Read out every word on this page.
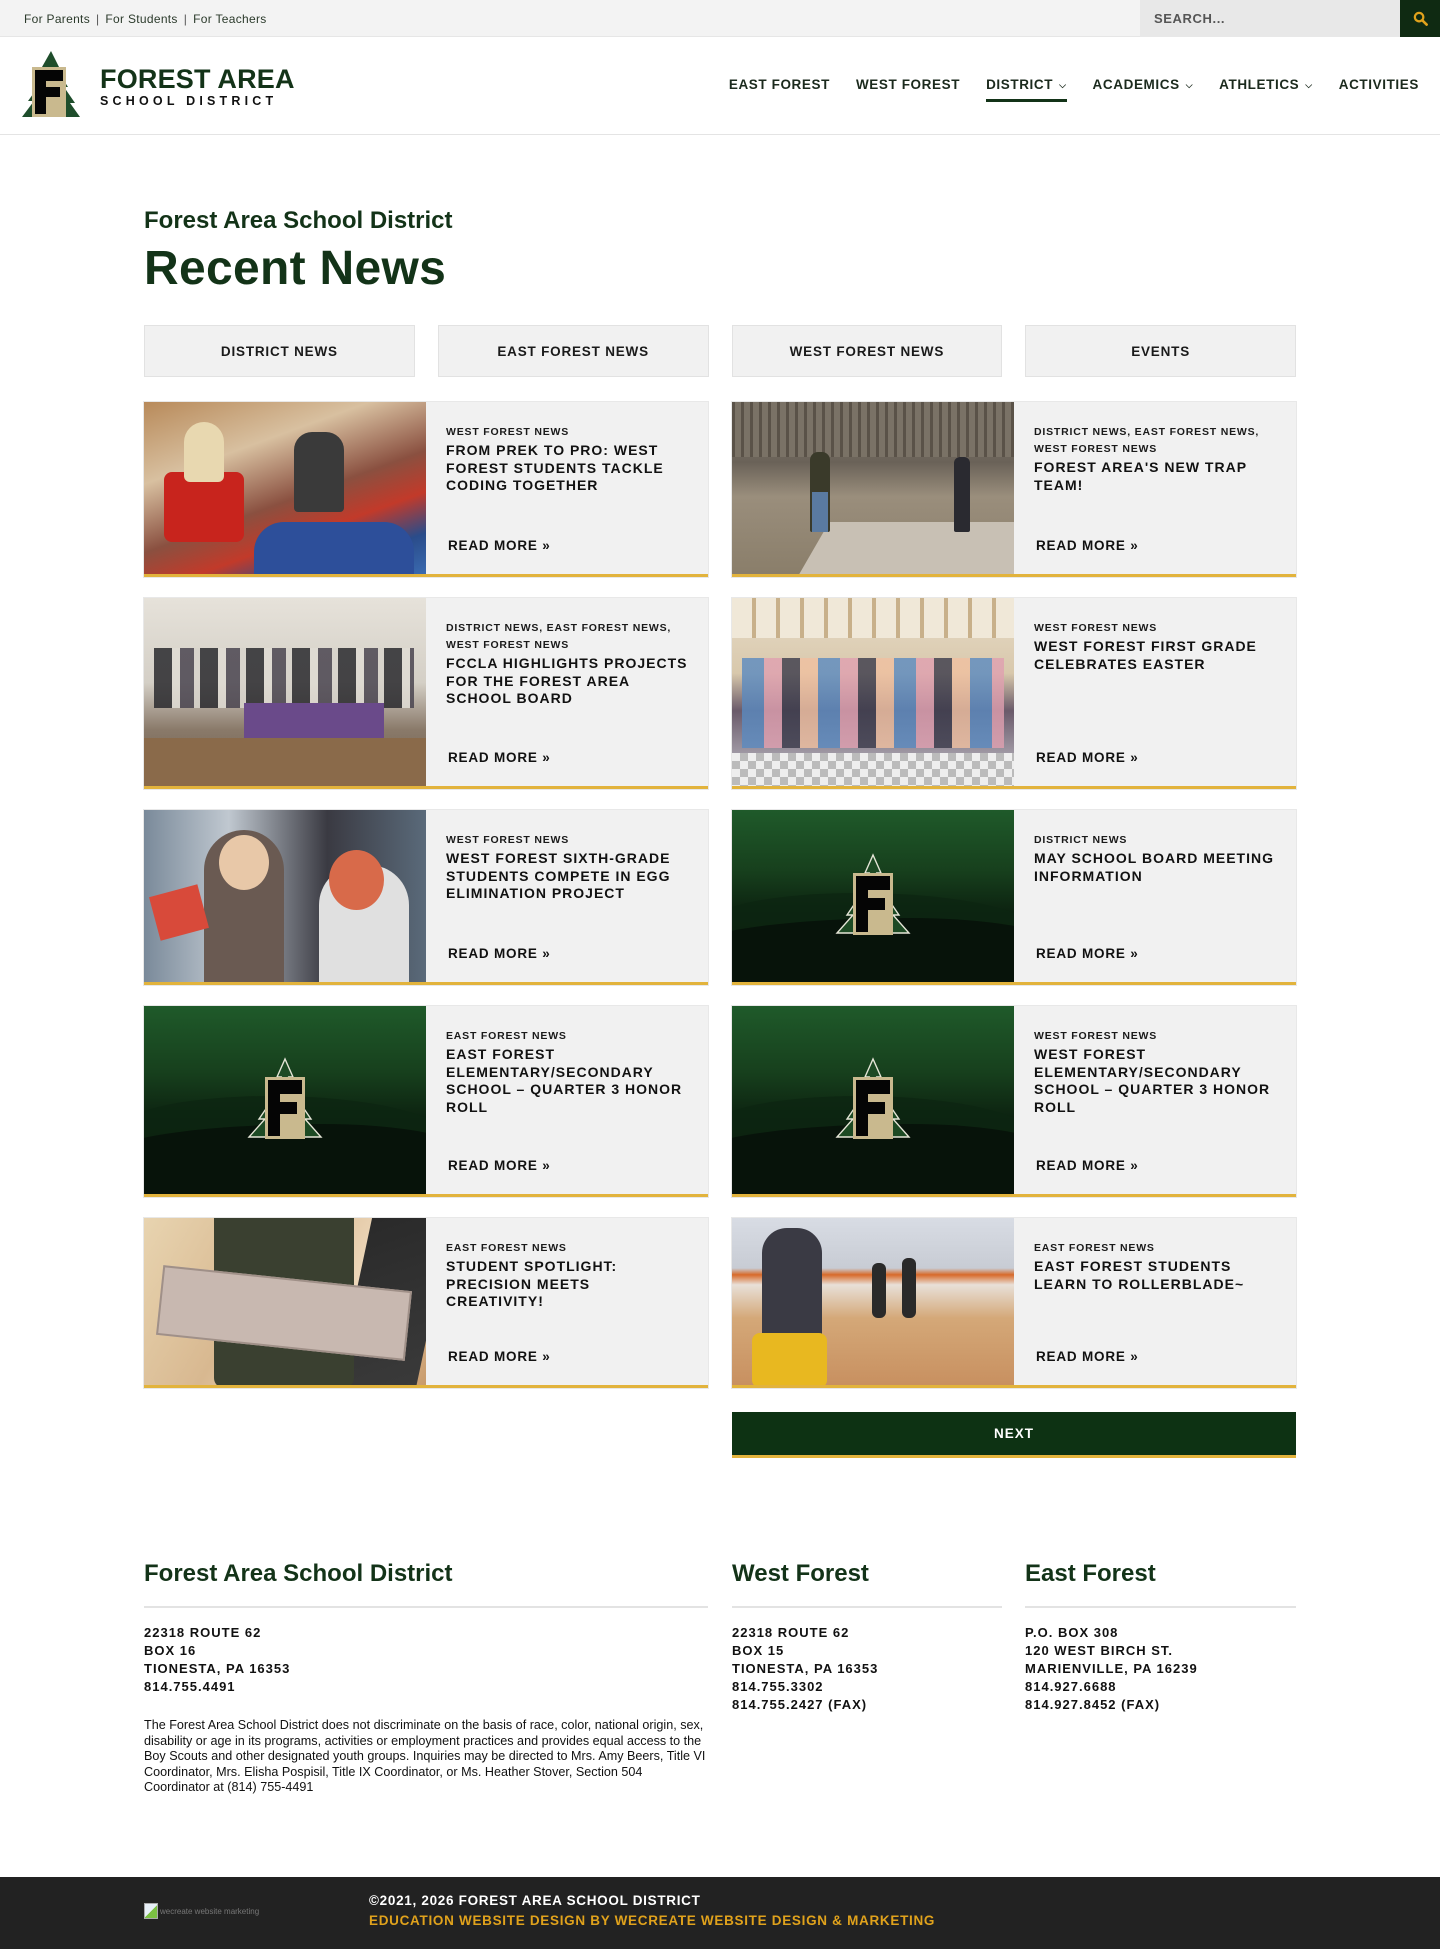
For Parents | For Students | For Teachers
SEARCH...
FOREST AREA
SCHOOL DISTRICT
EAST FOREST WEST FOREST DISTRICT ⌵ ACADEMICS ⌵ ATHLETICS ⌵ ACTIVITIES
Forest Area School District
Recent News
DISTRICT NEWS	EAST FOREST NEWS	WEST FOREST NEWS	EVENTS
WEST FOREST NEWS
FROM PREK TO PRO: WEST FOREST STUDENTS TACKLE CODING TOGETHER
READ MORE »
DISTRICT NEWS, EAST FOREST NEWS, WEST FOREST NEWS
FOREST AREA'S NEW TRAP TEAM!
READ MORE »
DISTRICT NEWS, EAST FOREST NEWS, WEST FOREST NEWS
FCCLA HIGHLIGHTS PROJECTS FOR THE FOREST AREA SCHOOL BOARD
READ MORE »
WEST FOREST NEWS
WEST FOREST FIRST GRADE CELEBRATES EASTER
READ MORE »
WEST FOREST NEWS
WEST FOREST SIXTH-GRADE STUDENTS COMPETE IN EGG ELIMINATION PROJECT
READ MORE »
DISTRICT NEWS
MAY SCHOOL BOARD MEETING INFORMATION
READ MORE »
EAST FOREST NEWS
EAST FOREST ELEMENTARY/SECONDARY SCHOOL – QUARTER 3 HONOR ROLL
READ MORE »
WEST FOREST NEWS
WEST FOREST ELEMENTARY/SECONDARY SCHOOL – QUARTER 3 HONOR ROLL
READ MORE »
EAST FOREST NEWS
STUDENT SPOTLIGHT: PRECISION MEETS CREATIVITY!
READ MORE »
EAST FOREST NEWS
EAST FOREST STUDENTS LEARN TO ROLLERBLADE~
READ MORE »
NEXT
Forest Area School District
22318 ROUTE 62
BOX 16
TIONESTA, PA 16353
814.755.4491

The Forest Area School District does not discriminate on the basis of race, color, national origin, sex, disability or age in its programs, activities or employment practices and provides equal access to the Boy Scouts and other designated youth groups. Inquiries may be directed to Mrs. Amy Beers, Title VI Coordinator, Mrs. Elisha Pospisil, Title IX Coordinator, or Ms. Heather Stover, Section 504 Coordinator at (814) 755-4491

West Forest
22318 ROUTE 62
BOX 15
TIONESTA, PA 16353
814.755.3302
814.755.2427 (FAX)
East Forest
P.O. BOX 308
120 WEST BIRCH ST.
MARIENVILLE, PA 16239
814.927.6688
814.927.8452 (FAX)
wecreate website marketing
©2021, 2026 FOREST AREA SCHOOL DISTRICT
EDUCATION WEBSITE DESIGN BY WECREATE WEBSITE DESIGN & MARKETING
